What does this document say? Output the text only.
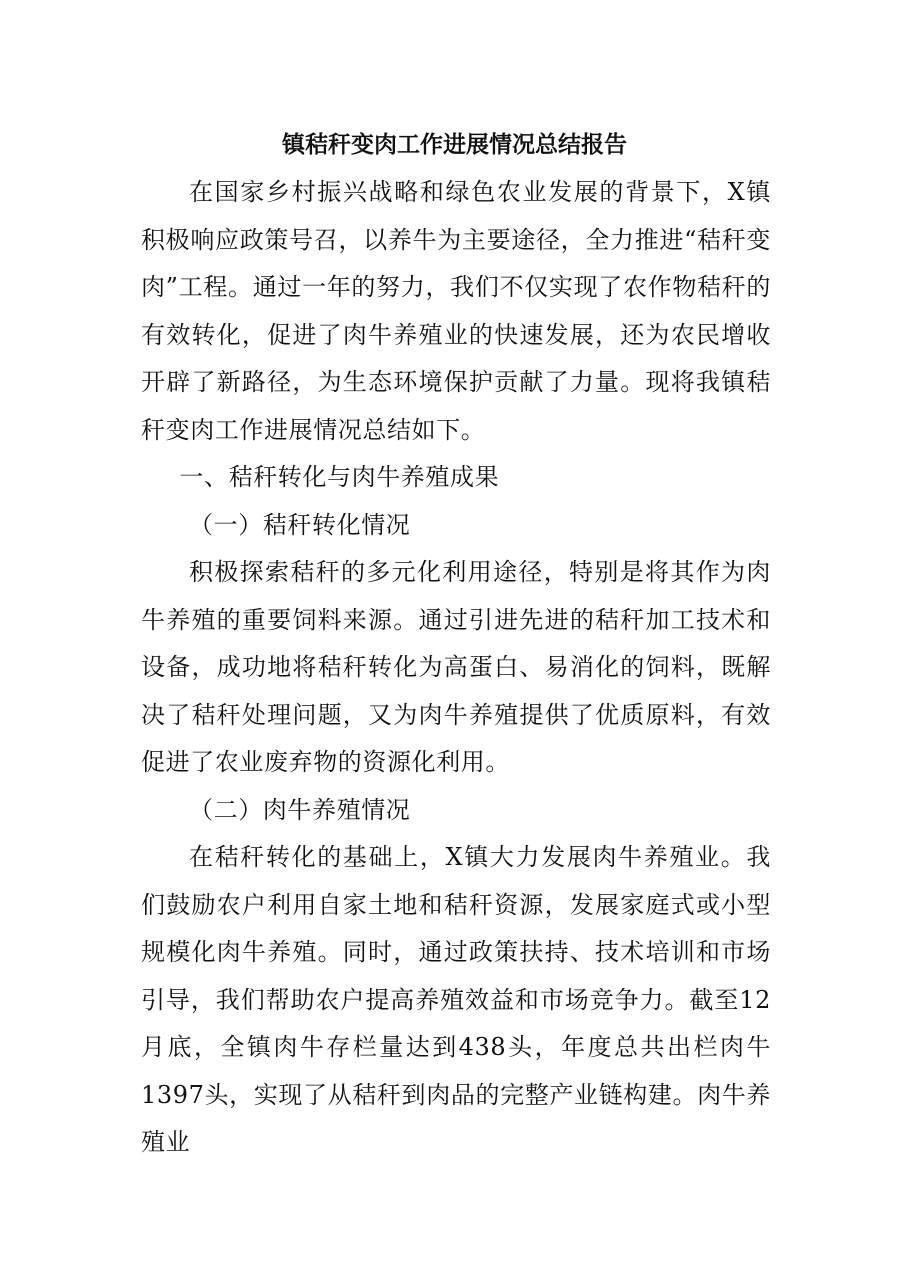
镇秸秆变肉工作进展情况总结报告

在国家乡村振兴战略和绿色农业发展的背景下，X镇积极响应政策号召，以养牛为主要途径，全力推进“秸秆变肉”工程。通过一年的努力，我们不仅实现了农作物秸秆的有效转化，促进了肉牛养殖业的快速发展，还为农民增收开辟了新路径，为生态环境保护贡献了力量。现将我镇秸秆变肉工作进展情况总结如下。

一、秸秆转化与肉牛养殖成果

（一）秸秆转化情况

积极探索秸秆的多元化利用途径，特别是将其作为肉牛养殖的重要饲料来源。通过引进先进的秸秆加工技术和设备，成功地将秸秆转化为高蛋白、易消化的饲料，既解决了秸秆处理问题，又为肉牛养殖提供了优质原料，有效促进了农业废弃物的资源化利用。

（二）肉牛养殖情况

在秸秆转化的基础上，X镇大力发展肉牛养殖业。我们鼓励农户利用自家土地和秸秆资源，发展家庭式或小型规模化肉牛养殖。同时，通过政策扶持、技术培训和市场引导，我们帮助农户提高养殖效益和市场竞争力。截至12月底，全镇肉牛存栏量达到438头，年度总共出栏肉牛1397头，实现了从秸秆到肉品的完整产业链构建。肉牛养殖业
